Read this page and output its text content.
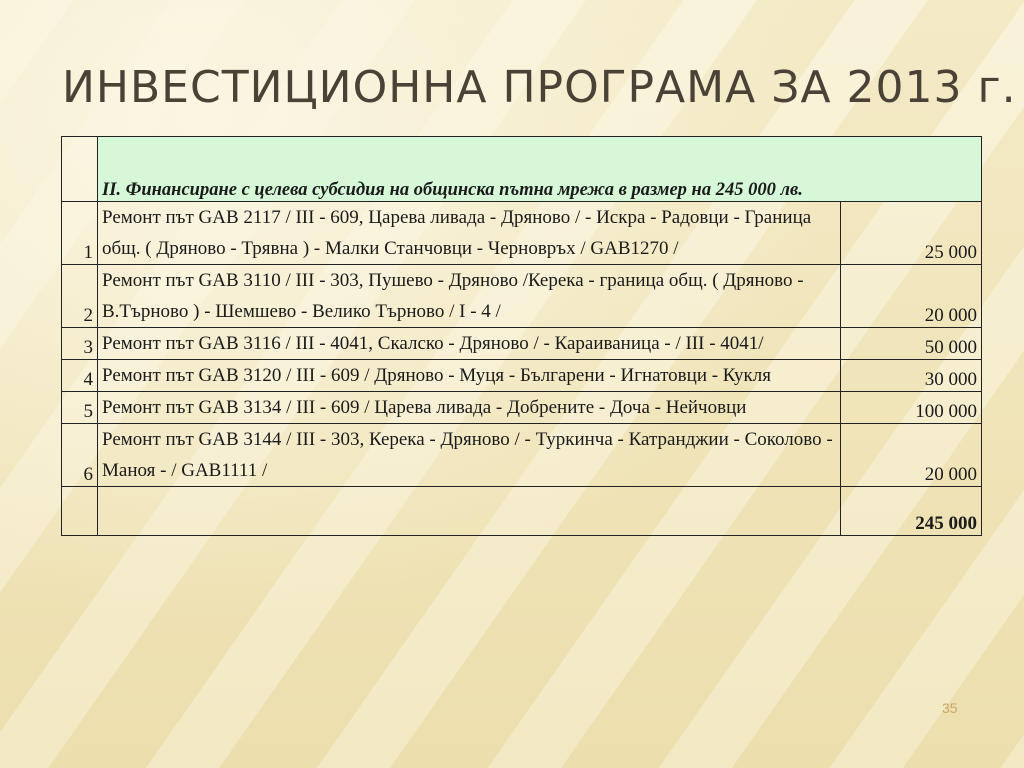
ИНВЕСТИЦИОННА ПРОГРАМА ЗА 2013 г.
	II. Финансиране с целева субсидия на общинска пътна мрежа в размер на 245 000 лв.	
1	Ремонт път GAB 2117 / III - 609, Царева ливада - Дряново / - Искра - Радовци - Граница общ. ( Дряново - Трявна ) - Малки Станчовци - Черновръх / GAB1270 /	25 000
2	Ремонт път GAB 3110 / III - 303, Пушево - Дряново /Керека - граница общ. ( Дряново - В.Търново ) - Шемшево - Велико Търново / I - 4 /	20 000
3	Ремонт път GAB 3116 / III - 4041, Скалско - Дряново / - Караиваница - / III - 4041/	50 000
4	Ремонт път GAB 3120 / III - 609 / Дряново - Муця - Българени - Игнатовци - Кукля	30 000
5	Ремонт път GAB 3134 / III - 609 / Царева ливада - Добрените - Доча - Нейчовци	100 000
6	Ремонт път GAB 3144 / III - 303, Керека - Дряново / - Туркинча - Катранджии - Соколово - Маноя - / GAB1111 /	20 000
		245 000
35
